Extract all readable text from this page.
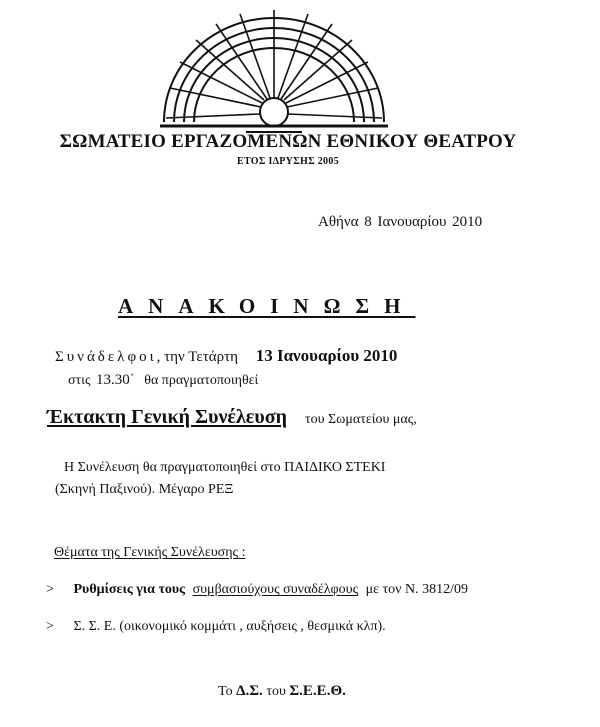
ΣΩΜΑΤΕΙΟ ΕΡΓΑΖΟΜΕΝΩΝ ΕΘΝΙΚΟΥ ΘΕΑΤΡΟΥ
ΕΤΟΣ ΙΔΡΥΣΗΣ 2005
Αθήνα 8 Ιανουαρίου 2010
ΑΝΑΚΟΙΝΩΣΗ
Συνάδελφοι, την Τετάρτη 13 Ιανουαρίου 2010
στις 13.30΄ θα πραγματοποιηθεί
Έκτακτη Γενική Συνέλευση του Σωματείου μας,
Η Συνέλευση θα πραγματοποιηθεί στο ΠΑΙΔΙΚΟ ΣΤΕΚΙ
(Σκηνή Παξινού). Μέγαρο ΡΕΞ
Θέματα της Γενικής Συνέλευσης :
> Ρυθμίσεις για τους συμβασιούχους συναδέλφους με τον Ν. 3812/09
> Σ. Σ. Ε. (οικονομικό κομμάτι , αυξήσεις , θεσμικά κλπ).
Το Δ.Σ. του Σ.Ε.Ε.Θ.
